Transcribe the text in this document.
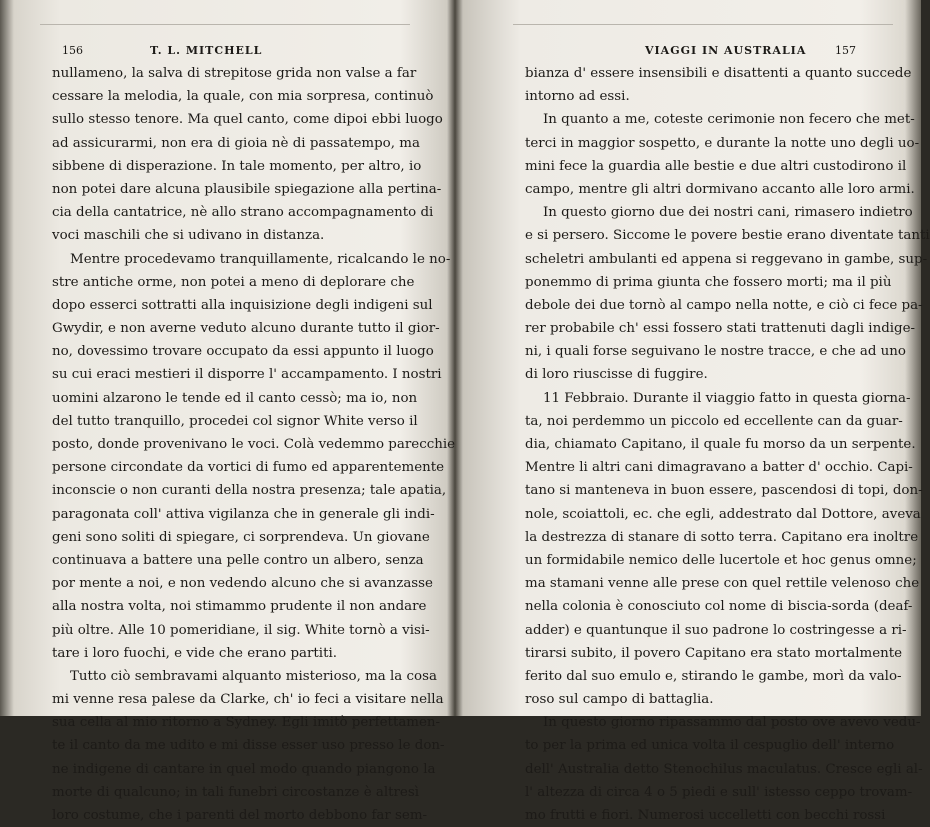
156	T. L. MITCHELL
nullameno, la salva di strepitose grida non valse a far
cessare la melodia, la quale, con mia sorpresa, continuò
sullo stesso tenore. Ma quel canto, come dipoi ebbi luogo
ad assicurarmi, non era di gioia nè di passatempo, ma
sibbene di disperazione. In tale momento, per altro, io
non potei dare alcuna plausibile spiegazione alla pertina-
cia della cantatrice, nè allo strano accompagnamento di
voci maschili che si udivano in distanza.
Mentre procedevamo tranquillamente, ricalcando le no-
stre antiche orme, non potei a meno di deplorare che
dopo esserci sottratti alla inquisizione degli indigeni sul
Gwydir, e non averne veduto alcuno durante tutto il gior-
no, dovessimo trovare occupato da essi appunto il luogo
su cui eraci mestieri il disporre l' accampamento. I nostri
uomini alzarono le tende ed il canto cessò; ma io, non
del tutto tranquillo, procedei col signor White verso il
posto, donde provenivano le voci. Colà vedemmo parecchie
persone circondate da vortici di fumo ed apparentemente
inconscie o non curanti della nostra presenza; tale apatia,
paragonata coll' attiva vigilanza che in generale gli indi-
geni sono soliti di spiegare, ci sorprendeva. Un giovane
continuava a battere una pelle contro un albero, senza
por mente a noi, e non vedendo alcuno che si avanzasse
alla nostra volta, noi stimammo prudente il non andare
più oltre. Alle 10 pomeridiane, il sig. White tornò a visi-
tare i loro fuochi, e vide che erano partiti.
Tutto ciò sembravami alquanto misterioso, ma la cosa
mi venne resa palese da Clarke, ch' io feci a visitare nella
sua cella al mio ritorno a Sydney. Egli imitò perfettamen-
te il canto da me udito e mi disse esser uso presso le don-
ne indigene di cantare in quel modo quando piangono la
morte di qualcuno; in tali funebri circostanze è altresì
loro costume, che i parenti del morto debbono far sem-
VIAGGI IN AUSTRALIA	157
bianza d' essere insensibili e disattenti a quanto succede
intorno ad essi.
In quanto a me, coteste cerimonie non fecero che met-
terci in maggior sospetto, e durante la notte uno degli uo-
mini fece la guardia alle bestie e due altri custodirono il
campo, mentre gli altri dormivano accanto alle loro armi.
In questo giorno due dei nostri cani, rimasero indietro
e si persero. Siccome le povere bestie erano diventate tanti
scheletri ambulanti ed appena si reggevano in gambe, sup-
ponemmo di prima giunta che fossero morti; ma il più
debole dei due tornò al campo nella notte, e ciò ci fece pa-
rer probabile ch' essi fossero stati trattenuti dagli indige-
ni, i quali forse seguivano le nostre tracce, e che ad uno
di loro riuscisse di fuggire.
11 Febbraio. Durante il viaggio fatto in questa giorna-
ta, noi perdemmo un piccolo ed eccellente can da guar-
dia, chiamato Capitano, il quale fu morso da un serpente.
Mentre li altri cani dimagravano a batter d' occhio. Capi-
tano si manteneva in buon essere, pascendosi di topi, don-
nole, scoiattoli, ec. che egli, addestrato dal Dottore, aveva
la destrezza di stanare di sotto terra. Capitano era inoltre
un formidabile nemico delle lucertole et hoc genus omne;
ma stamani venne alle prese con quel rettile velenoso che
nella colonia è conosciuto col nome di biscia-sorda (deaf-
adder) e quantunque il suo padrone lo costringesse a ri-
tirarsi subito, il povero Capitano era stato mortalmente
ferito dal suo emulo e, stirando le gambe, morì da valo-
roso sul campo di battaglia.
In questo giorno ripassammo dal posto ove avevo vedu-
to per la prima ed unica volta il cespuglio dell' interno
dell' Australia detto Stenochilus maculatus. Cresce egli al-
l' altezza di circa 4 o 5 piedi e sull' istesso ceppo trovam-
mo frutti e fiori. Numerosi uccelletti con becchi rossi
